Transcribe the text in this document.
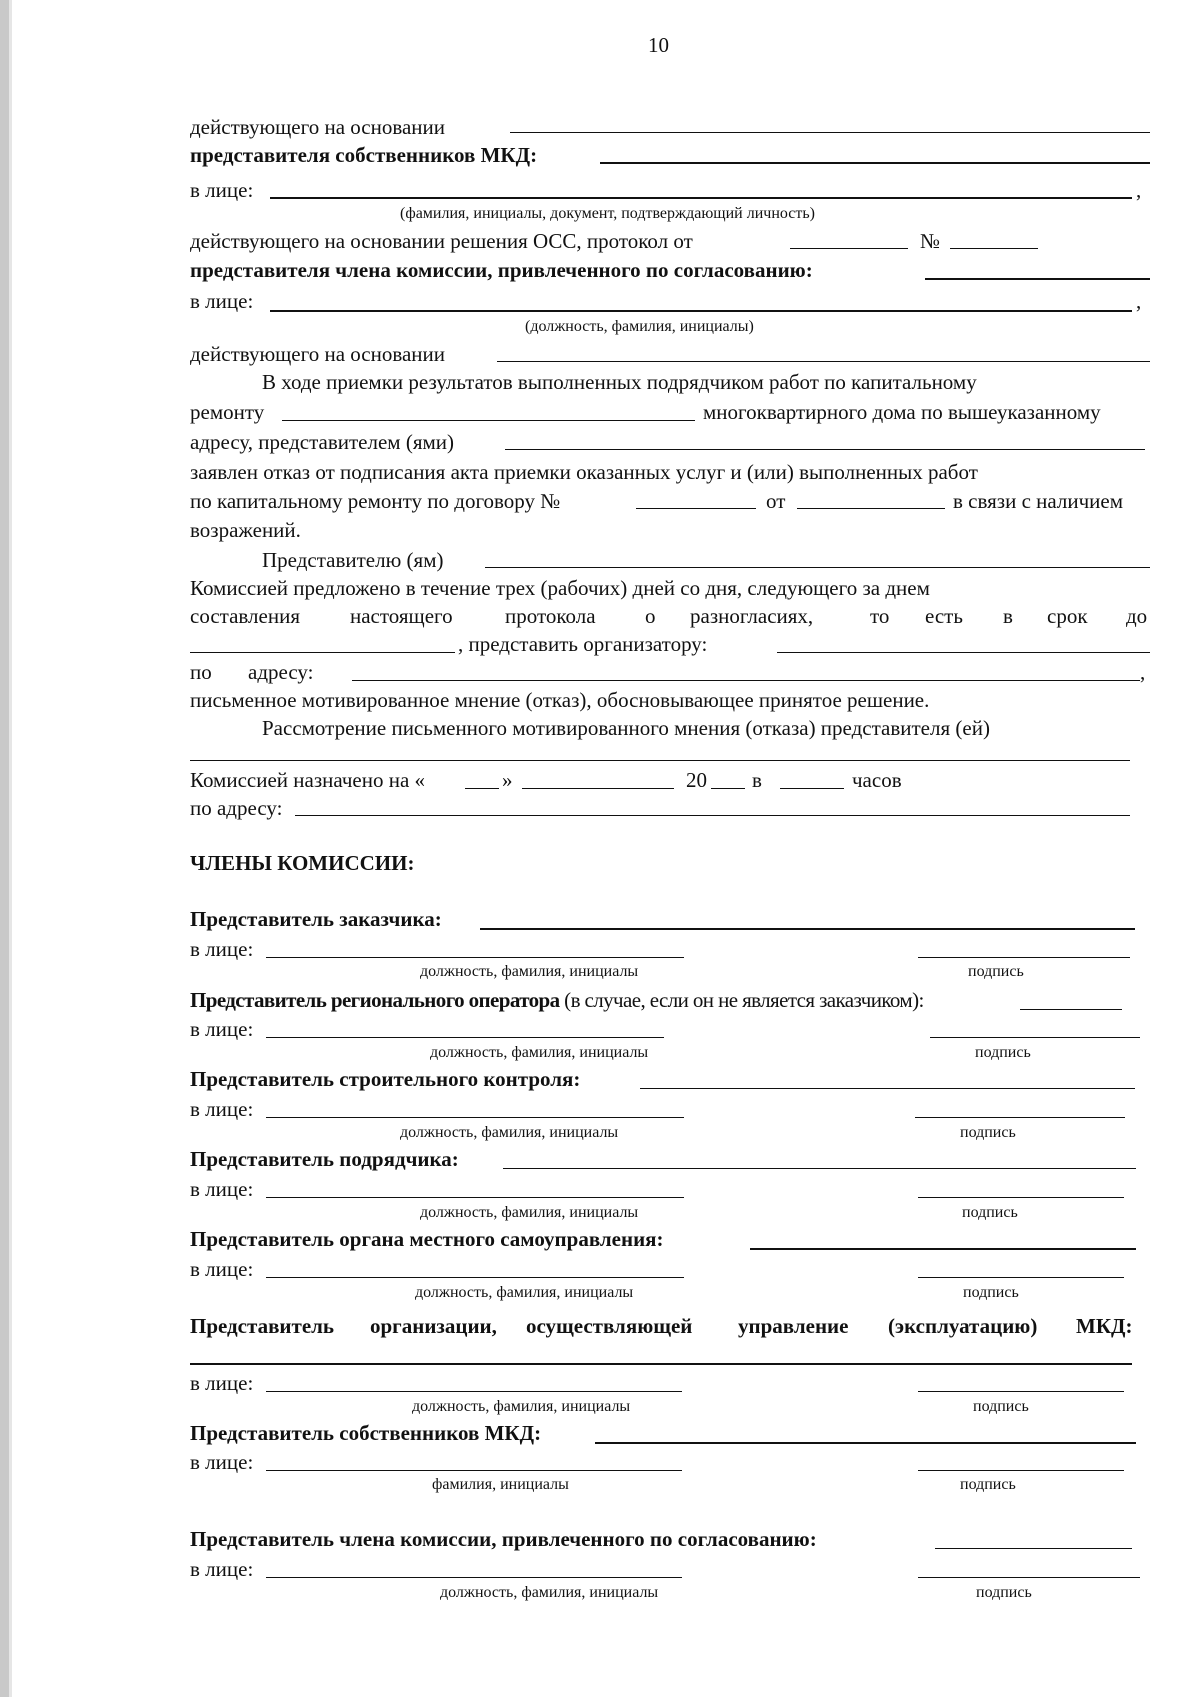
10
действующего на основании
представителя собственников МКД:
в лице:	,
(фамилия, инициалы, документ, подтверждающий личность)
действующего на основании решения ОСС, протокол от	№
представителя члена комиссии, привлеченного по согласованию:
в лице:	,
(должность, фамилия, инициалы)
действующего на основании
В ходе приемки результатов выполненных подрядчиком работ по капитальному
ремонту	многоквартирного дома по вышеуказанному
адресу, представителем (ями)
заявлен отказ от подписания акта приемки оказанных услуг и (или) выполненных работ
по капитальному ремонту по договору №	от	в связи с наличием
возражений.
Представителю (ям)
Комиссией предложено в течение трех (рабочих) дней со дня, следующего за днем
составления настоящего протокола о разногласиях,	то есть в срок до
, представить организатору:
по адресу:	,
письменное мотивированное мнение (отказ), обосновывающее принятое решение.
Рассмотрение письменного мотивированного мнения (отказа) представителя (ей)
Комиссией назначено на «	»	20 в	часов
по адресу:
ЧЛЕНЫ КОМИССИИ:
Представитель заказчика:
в лице:
должность, фамилия, инициалы	подпись
Представитель регионального оператора (в случае, если он не является заказчиком):
в лице:
должность, фамилия, инициалы	подпись
Представитель строительного контроля:
в лице:
должность, фамилия, инициалы	подпись
Представитель подрядчика:
в лице:
должность, фамилия, инициалы	подпись
Представитель органа местного самоуправления:
в лице:
должность, фамилия, инициалы	подпись
Представитель организации, осуществляющей управление (эксплуатацию) МКД:
в лице:
должность, фамилия, инициалы	подпись
Представитель собственников МКД:
в лице:
фамилия, инициалы	подпись
Представитель члена комиссии, привлеченного по согласованию:
в лице:
должность, фамилия, инициалы	подпись
